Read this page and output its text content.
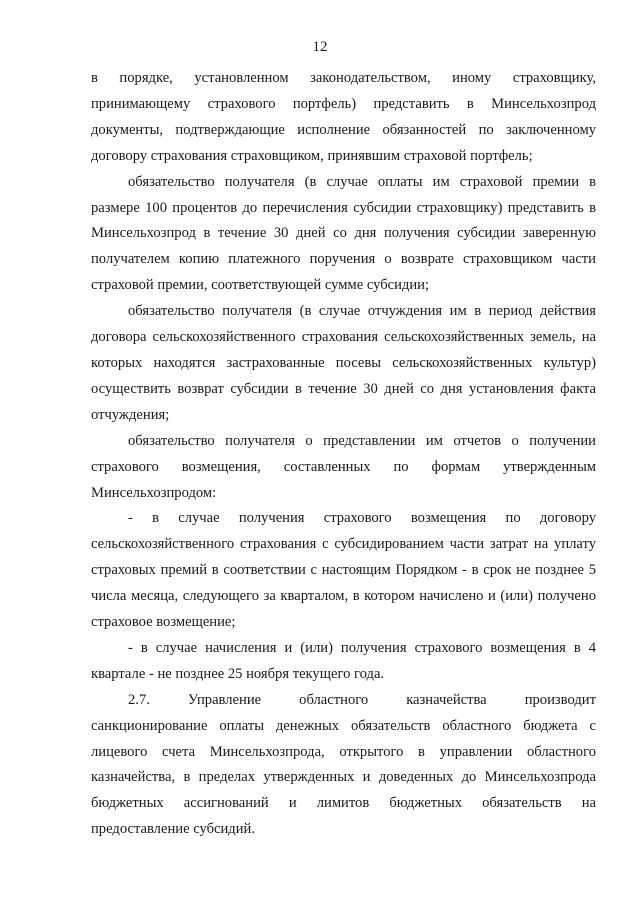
12

в порядке, установленном законодательством, иному страховщику, принимающему страхового портфель) представить в Минсельхозпрод документы, подтверждающие исполнение обязанностей по заключенному договору страхования страховщиком, принявшим страховой портфель;

обязательство получателя (в случае оплаты им страховой премии в размере 100 процентов до перечисления субсидии страховщику) представить в Минсельхозпрод в течение 30 дней со дня получения субсидии заверенную получателем копию платежного поручения о возврате страховщиком части страховой премии, соответствующей сумме субсидии;

обязательство получателя (в случае отчуждения им в период действия договора сельскохозяйственного страхования сельскохозяйственных земель, на которых находятся застрахованные посевы сельскохозяйственных культур) осуществить возврат субсидии в течение 30 дней со дня установления факта отчуждения;

обязательство получателя о представлении им отчетов о получении страхового возмещения, составленных по формам утвержденным Минсельхозпродом:

- в случае получения страхового возмещения по договору сельскохозяйственного страхования с субсидированием части затрат на уплату страховых премий в соответствии с настоящим Порядком - в срок не позднее 5 числа месяца, следующего за кварталом, в котором начислено и (или) получено страховое возмещение;

- в случае начисления и (или) получения страхового возмещения в 4 квартале - не позднее 25 ноября текущего года.

2.7.	Управление	областного	казначейства	производит

санкционирование оплаты денежных обязательств областного бюджета с лицевого счета Минсельхозпрода, открытого в управлении областного казначейства, в пределах утвержденных и доведенных до Минсельхозпрода бюджетных ассигнований и лимитов бюджетных обязательств на предоставление субсидий.
